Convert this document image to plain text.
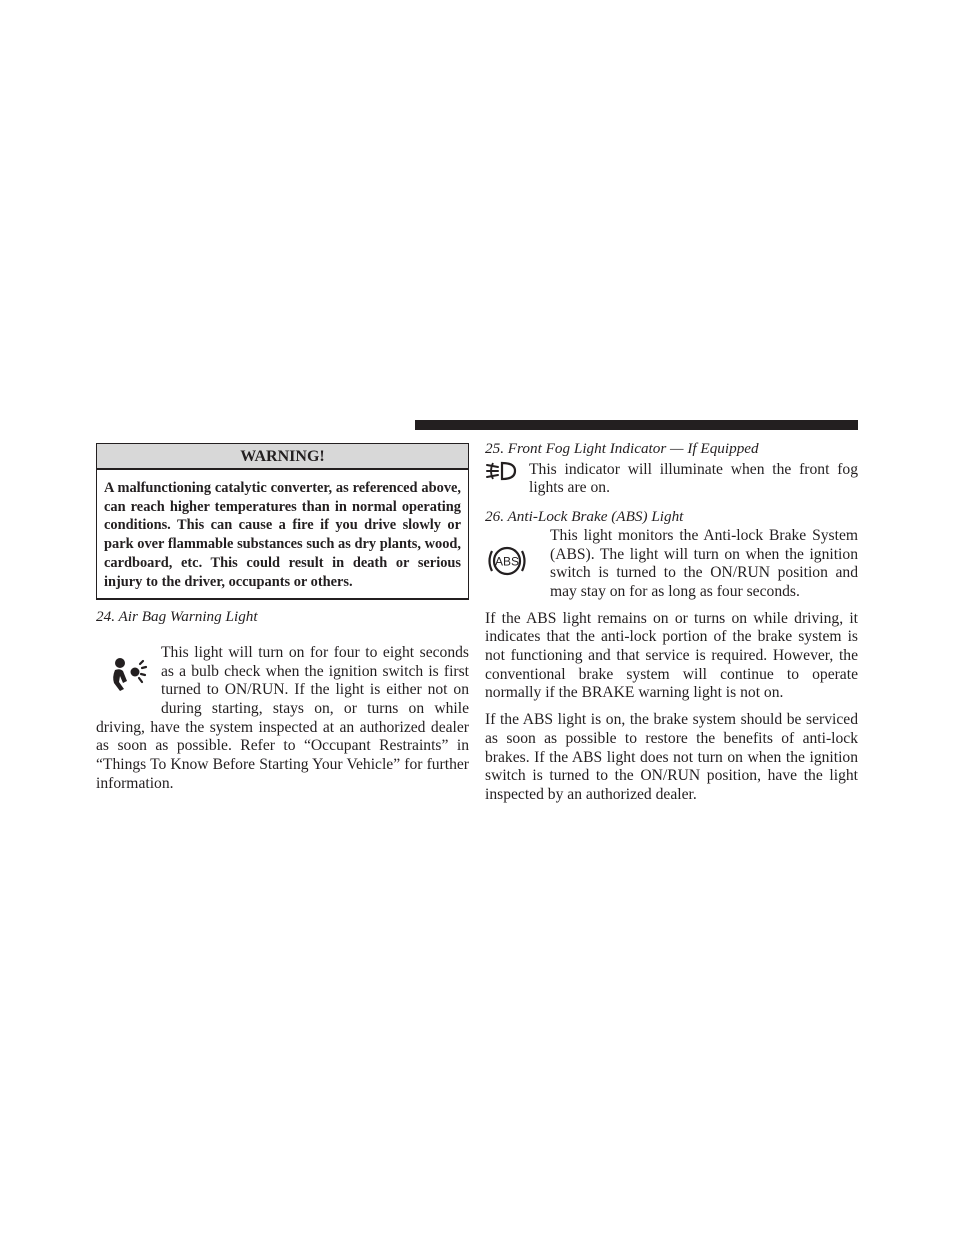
WARNING!
A malfunctioning catalytic converter, as referenced above, can reach higher temperatures than in normal operating conditions. This can cause a fire if you drive slowly or park over flammable substances such as dry plants, wood, cardboard, etc. This could result in death or serious injury to the driver, occupants or others.
24. Air Bag Warning Light

This light will turn on for four to eight seconds as a bulb check when the ignition switch is first turned to ON/RUN. If the light is either not on during starting, stays on, or turns on while driving, have the system inspected at an authorized dealer as soon as possible. Refer to “Occupant Restraints” in “Things To Know Before Starting Your Vehicle” for further information.

25. Front Fog Light Indicator — If Equipped

This indicator will illuminate when the front fog lights are on.

26. Anti-Lock Brake (ABS) Light
ABS

This light monitors the Anti-lock Brake System (ABS). The light will turn on when the ignition switch is turned to the ON/RUN position and may stay on for as long as four seconds.

If the ABS light remains on or turns on while driving, it indicates that the anti-lock portion of the brake system is not functioning and that service is required. However, the conventional brake system will continue to operate normally if the BRAKE warning light is not on.

If the ABS light is on, the brake system should be serviced as soon as possible to restore the benefits of anti-lock brakes. If the ABS light does not turn on when the ignition switch is turned to the ON/RUN position, have the light inspected by an authorized dealer.
